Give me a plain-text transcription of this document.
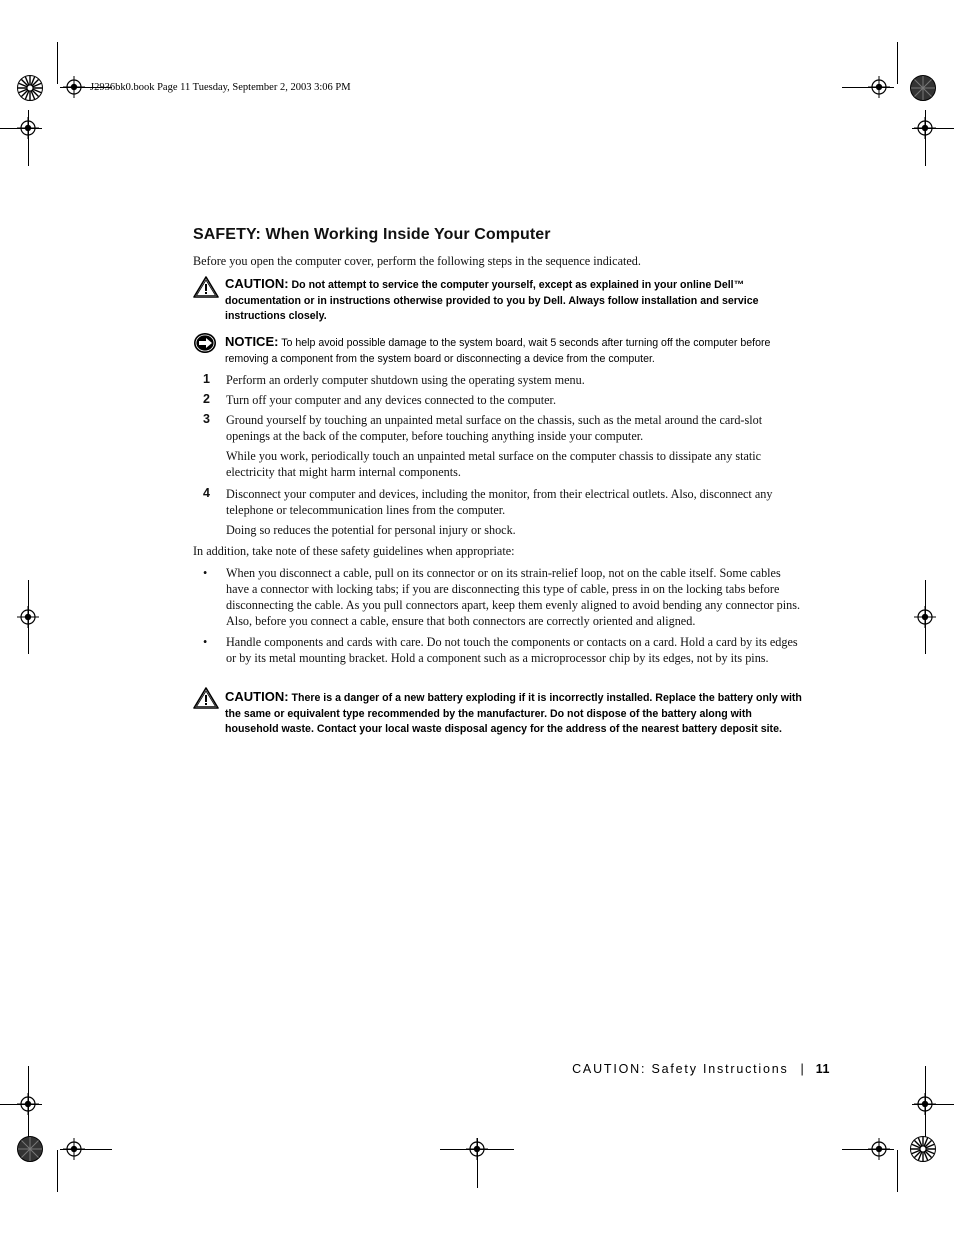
J2936bk0.book Page 11 Tuesday, September 2, 2003 3:06 PM
SAFETY: When Working Inside Your Computer
Before you open the computer cover, perform the following steps in the sequence indicated.
CAUTION: Do not attempt to service the computer yourself, except as explained in your online Dell™ documentation or in instructions otherwise provided to you by Dell. Always follow installation and service instructions closely.
NOTICE: To help avoid possible damage to the system board, wait 5 seconds after turning off the computer before removing a component from the system board or disconnecting a device from the computer.
1 Perform an orderly computer shutdown using the operating system menu.
2 Turn off your computer and any devices connected to the computer.
3 Ground yourself by touching an unpainted metal surface on the chassis, such as the metal around the card-slot openings at the back of the computer, before touching anything inside your computer.
While you work, periodically touch an unpainted metal surface on the computer chassis to dissipate any static electricity that might harm internal components.
4 Disconnect your computer and devices, including the monitor, from their electrical outlets. Also, disconnect any telephone or telecommunication lines from the computer.
Doing so reduces the potential for personal injury or shock.
In addition, take note of these safety guidelines when appropriate:
• When you disconnect a cable, pull on its connector or on its strain-relief loop, not on the cable itself. Some cables have a connector with locking tabs; if you are disconnecting this type of cable, press in on the locking tabs before disconnecting the cable. As you pull connectors apart, keep them evenly aligned to avoid bending any connector pins. Also, before you connect a cable, ensure that both connectors are correctly oriented and aligned.
• Handle components and cards with care. Do not touch the components or contacts on a card. Hold a card by its edges or by its metal mounting bracket. Hold a component such as a microprocessor chip by its edges, not by its pins.
CAUTION: There is a danger of a new battery exploding if it is incorrectly installed. Replace the battery only with the same or equivalent type recommended by the manufacturer. Do not dispose of the battery along with household waste. Contact your local waste disposal agency for the address of the nearest battery deposit site.
CAUTION: Safety Instructions | 11
